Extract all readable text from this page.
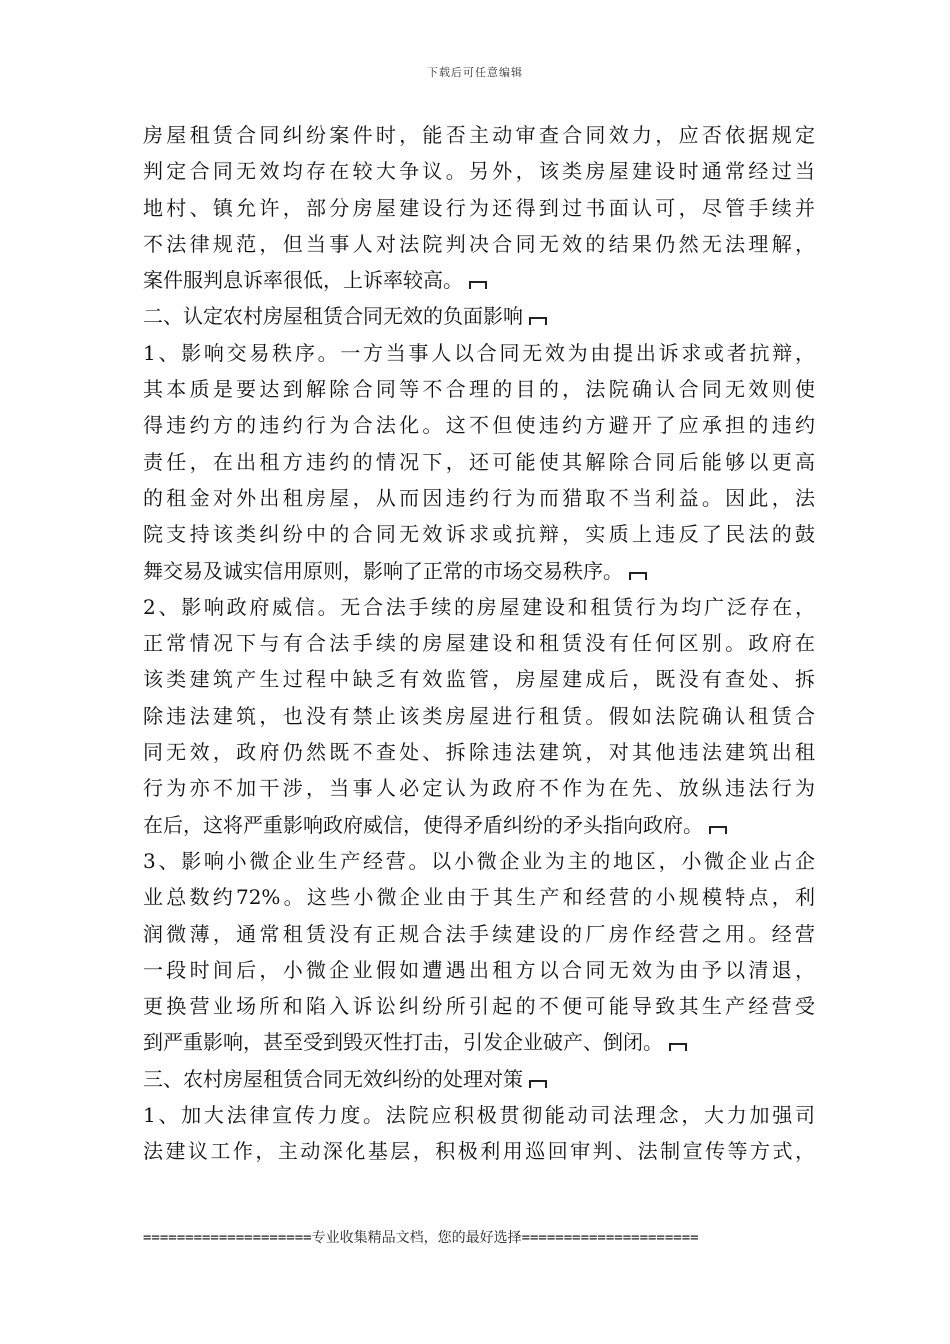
下载后可任意编辑
房屋租赁合同纠纷案件时，能否主动审查合同效力，应否依据规定
判定合同无效均存在较大争议。另外，该类房屋建设时通常经过当
地村、镇允许，部分房屋建设行为还得到过书面认可，尽管手续并
不法律规范，但当事人对法院判决合同无效的结果仍然无法理解，
案件服判息诉率很低，上诉率较高。
二、认定农村房屋租赁合同无效的负面影响
1、影响交易秩序。一方当事人以合同无效为由提出诉求或者抗辩，
其本质是要达到解除合同等不合理的目的，法院确认合同无效则使
得违约方的违约行为合法化。这不但使违约方避开了应承担的违约
责任，在出租方违约的情况下，还可能使其解除合同后能够以更高
的租金对外出租房屋，从而因违约行为而猎取不当利益。因此，法
院支持该类纠纷中的合同无效诉求或抗辩，实质上违反了民法的鼓
舞交易及诚实信用原则，影响了正常的市场交易秩序。
2、影响政府威信。无合法手续的房屋建设和租赁行为均广泛存在，
正常情况下与有合法手续的房屋建设和租赁没有任何区别。政府在
该类建筑产生过程中缺乏有效监管，房屋建成后，既没有查处、拆
除违法建筑，也没有禁止该类房屋进行租赁。假如法院确认租赁合
同无效，政府仍然既不查处、拆除违法建筑，对其他违法建筑出租
行为亦不加干涉，当事人必定认为政府不作为在先、放纵违法行为
在后，这将严重影响政府威信，使得矛盾纠纷的矛头指向政府。
3、影响小微企业生产经营。以小微企业为主的地区，小微企业占企
业总数约72%。这些小微企业由于其生产和经营的小规模特点，利
润微薄，通常租赁没有正规合法手续建设的厂房作经营之用。经营
一段时间后，小微企业假如遭遇出租方以合同无效为由予以清退，
更换营业场所和陷入诉讼纠纷所引起的不便可能导致其生产经营受
到严重影响，甚至受到毁灭性打击，引发企业破产、倒闭。
三、农村房屋租赁合同无效纠纷的处理对策
1、加大法律宣传力度。法院应积极贯彻能动司法理念，大力加强司
法建议工作，主动深化基层，积极利用巡回审判、法制宣传等方式，
====================专业收集精品文档，您的最好选择=====================
